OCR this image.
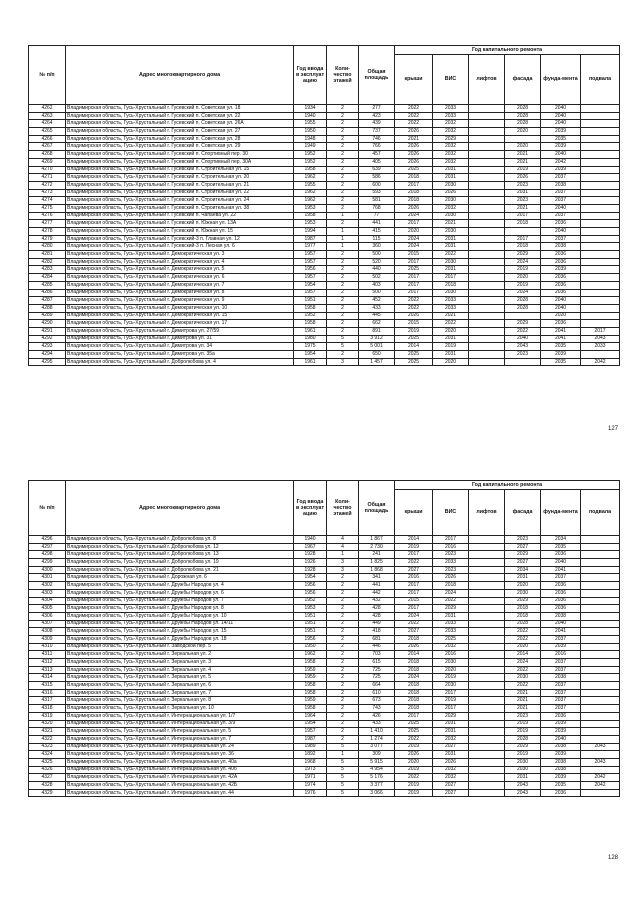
№ п/п	Адрес многоквартирного дома	Год ввода в эксплуат ацию	Коли-чество этажей	Общая площадь	Год капитального ремонта					
					крыши	ВИС	лифтов	фасада	фунда-мента	подвала
4262	Владимирская область, Гусь-Хрустальный г. Гусевский п. Советская ул. 18	1934	2	277	2022	2033		2028	2040	
4263	Владимирская область, Гусь-Хрустальный г. Гусевский п. Советская ул. 22	1940	2	423	2022	2033		2028	2040	
4264	Владимирская область, Гусь-Хрустальный г. Гусевский п. Советская ул. 26А	1955	2	439	2022	2032		2028	2040	
4265	Владимирская область, Гусь-Хрустальный г. Гусевский п. Советская ул. 27	1950	2	737	2026	2032		2020	2039	
4266	Владимирская область, Гусь-Хрустальный г. Гусевский п. Советская ул. 28	1948	2	746	2021	2029			2035	
4267	Владимирская область, Гусь-Хрустальный г. Гусевский п. Советская ул. 29	1949	2	766	2026	2032		2020	2039	
4268	Владимирская область, Гусь-Хрустальный г. Гусевский п. Спортивный пер. 30	1952	2	457	2026	2032		2021	2040	
4269	Владимирская область, Гусь-Хрустальный г. Гусевский п. Спортивный пер. 30А	1952	2	405	2026	2032		2021	2042	
4270	Владимирская область, Гусь-Хрустальный г. Гусевский п. Строительная ул. 15	1958	2	639	2025	2031		2019	2039	
4271	Владимирская область, Гусь-Хрустальный г. Гусевский п. Строительная ул. 20	1962	2	586	2018	2031		2026	2037	
4272	Владимирская область, Гусь-Хрустальный г. Гусевский п. Строительная ул. 21	1955	2	600	2017	2030		2023	2038	
4273	Владимирская область, Гусь-Хрустальный г. Гусевский п. Строительная ул. 22	1962	2	593	2018	2026		2031	2037	
4274	Владимирская область, Гусь-Хрустальный г. Гусевский п. Строительная ул. 24	1962	2	581	2018	2030		2023	2037	
4275	Владимирская область, Гусь-Хрустальный г. Гусевский п. Строительная ул. 38	1953	2	768	2026	2032		2021	2040	
4276	Владимирская область, Гусь-Хрустальный г. Гусевский п. Чапаева ул. 22	1958	1	77	2024	2030		2017	2037	
4277	Владимирская область, Гусь-Хрустальный г. Гусевский п. Южная ул. 13А	1953	2	441	2017	2021		2018	2036	
4278	Владимирская область, Гусь-Хрустальный г. Гусевский п. Южная ул. 15	1994	1	415	2020	2030			2040	
4279	Владимирская область, Гусь-Хрустальный г. Гусевский-3 п. Главная ул. 12	1987	1	115	2024	2031		2017	2037	
4280	Владимирская область, Гусь-Хрустальный г. Гусевский-3 п. Лесная ул. 6	1977	1	360	2024	2031		2018	2038	
4281	Владимирская область, Гусь-Хрустальный г. Демократическая ул. 3	1957	2	500	2015	2022		2029	2036	
4282	Владимирская область, Гусь-Хрустальный г. Демократическая ул. 4	1957	2	520	2017	2030		2024	2036	
4283	Владимирская область, Гусь-Хрустальный г. Демократическая ул. 5	1956	2	440	2025	2031		2019	2039	
4284	Владимирская область, Гусь-Хрустальный г. Демократическая ул. 6	1957	2	502	2017	2017		2020	2036	
4285	Владимирская область, Гусь-Хрустальный г. Демократическая ул. 7	1954	2	403	2017	2018		2019	2036	
4286	Владимирская область, Гусь-Хрустальный г. Демократическая ул. 8	1957	2	500	2017	2030		2024	2036	
4287	Владимирская область, Гусь-Хрустальный г. Демократическая ул. 9	1951	2	452	2022	2033		2028	2040	
4288	Владимирская область, Гусь-Хрустальный г. Демократическая ул. 10	1958	2	433	2022	2033		2028	2040	
4289	Владимирская область, Гусь-Хрустальный г. Демократическая ул. 15	1952	2	445	2026	2021			2020	
4290	Владимирская область, Гусь-Хрустальный г. Демократическая ул. 17	1958	2	662	2015	2022		2029	2036	
4291	Владимирская область, Гусь-Хрустальный г. Димитрова ул. 27/59	1961	2	891	2019	2020		2022	2041	2017
4292	Владимирская область, Гусь-Хрустальный г. Димитрова ул. 31	1980	5	3 912	2025	2031		2040	2041	2043
4293	Владимирская область, Гусь-Хрустальный г. Димитрова ул. 34	1975	5	5 001	2014	2019		2043	2035	2033
4294	Владимирская область, Гусь-Хрустальный г. Димитрова ул. 35а	1954	2	650	2025	2031		2023	2039	
4295	Владимирская область, Гусь-Хрустальный г. Добролюбова ул. 4	1961	3	1 457	2025	2020			2035	2042
127
№ п/п	Адрес многоквартирного дома	Год ввода в эксплуат ацию	Коли-чество этажей	Общая площадь	Год капитального ремонта					
					крыши	ВИС	лифтов	фасада	фунда-мента	подвала
4296	Владимирская область, Гусь-Хрустальный г. Добролюбова ул. 8	1940	4	1 867	2014	2017		2023	2034	
4297	Владимирская область, Гусь-Хрустальный г. Добролюбова ул. 12	1967	4	2 730	2019	2016		2027	2035	
4298	Владимирская область, Гусь-Хрустальный г. Добролюбова ул. 13	1928	1	241	2017	2023		2029	2036	
4299	Владимирская область, Гусь-Хрустальный г. Добролюбова ул. 19	1926	3	1 825	2022	2033		2027	2040	
4300	Владимирская область, Гусь-Хрустальный г. Добролюбова ул. 21	1928	3	1 868	2027	2023		2034	2041	
4301	Владимирская область, Гусь-Хрустальный г. Дорожная ул. 6	1954	2	341	2016	2026		2031	2037	
4302	Владимирская область, Гусь-Хрустальный г. Дружбы Народов ул. 4	1956	2	441	2017	2018		2020	2036	
4303	Владимирская область, Гусь-Хрустальный г. Дружбы Народов ул. 6	1956	2	442	2017	2024		2030	2036	
4304	Владимирская область, Гусь-Хрустальный г. Дружбы Народов ул. 7	1952	2	432	2015	2022		2029	2036	
4305	Владимирская область, Гусь-Хрустальный г. Дружбы Народов ул. 8	1953	2	428	2017	2029		2018	2036	
4306	Владимирская область, Гусь-Хрустальный г. Дружбы Народов ул. 10	1951	2	428	2024	2031		2018	2038	
4307	Владимирская область, Гусь-Хрустальный г. Дружбы Народов ул. 14/11	1951	2	449	2022	2033		2028	2040	
4308	Владимирская область, Гусь-Хрустальный г. Дружбы Народов ул. 15	1951	2	418	2027	2033		2022	2041	
4309	Владимирская область, Гусь-Хрустальный г. Дружбы Народов ул. 18	1956	2	681	2018	2025		2022	2037	
4310	Владимирская область, Гусь-Хрустальный г. Заводской пер. 5	1950	2	446	2026	2032		2020	2039	
4311	Владимирская область, Гусь-Хрустальный г. Зеркальная ул. 2	1962	2	703	2014	2016		2014	2016	
4312	Владимирская область, Гусь-Хрустальный г. Зеркальная ул. 3	1958	2	615	2018	2030		2024	2037	
4313	Владимирская область, Гусь-Хрустальный г. Зеркальная ул. 4	1959	2	725	2018	2020		2022	2037	
4314	Владимирская область, Гусь-Хрустальный г. Зеркальная ул. 5	1959	2	725	2024	2019		2030	2038	
4315	Владимирская область, Гусь-Хрустальный г. Зеркальная ул. 6	1958	2	664	2018	2030		2022	2037	
4316	Владимирская область, Гусь-Хрустальный г. Зеркальная ул. 7	1958	2	610	2018	2017		2021	2037	
4317	Владимирская область, Гусь-Хрустальный г. Зеркальная ул. 8	1959	2	673	2018	2019		2021	2037	
4318	Владимирская область, Гусь-Хрустальный г. Зеркальная ул. 10	1958	2	743	2018	2017		2021	2037	
4319	Владимирская область, Гусь-Хрустальный г. Интернациональная ул. 1/7	1964	2	426	2017	2029		2023	2036	
4320	Владимирская область, Гусь-Хрустальный г. Интернациональная ул. 3/9	1954	2	433	2025	2031		2019	2039	
4321	Владимирская область, Гусь-Хрустальный г. Интернациональная ул. 5	1957	2	1 410	2025	2031		2019	2039	
4322	Владимирская область, Гусь-Хрустальный г. Интернациональная ул. 7	1987	2	1 274	2022	2032		2028	2040	
4323	Владимирская область, Гусь-Хрустальный г. Интернациональная ул. 24	1989	5	3 077	2019	2027		2029	2038	2043
4324	Владимирская область, Гусь-Хрустальный г. Интернациональная ул. 36	1892	1	309	2026	2031		2019	2039	
4325	Владимирская область, Гусь-Хрустальный г. Интернациональная ул. 40а	1968	5	5 915	2020	2026		2030	2038	2043
4326	Владимирская область, Гусь-Хрустальный г. Интернациональная ул. 40б	1973	5	4 954	2019	2032		2030	2038	
4327	Владимирская область, Гусь-Хрустальный г. Интернациональная ул. 42А	1971	5	5 176	2022	2032		2031	2039	2042
4328	Владимирская область, Гусь-Хрустальный г. Интернациональная ул. 42Б	1974	5	3 377	2019	2027		2043	2035	2042
4329	Владимирская область, Гусь-Хрустальный г. Интернациональная ул. 44	1976	5	3 066	2019	2027		2043	2036	
128
